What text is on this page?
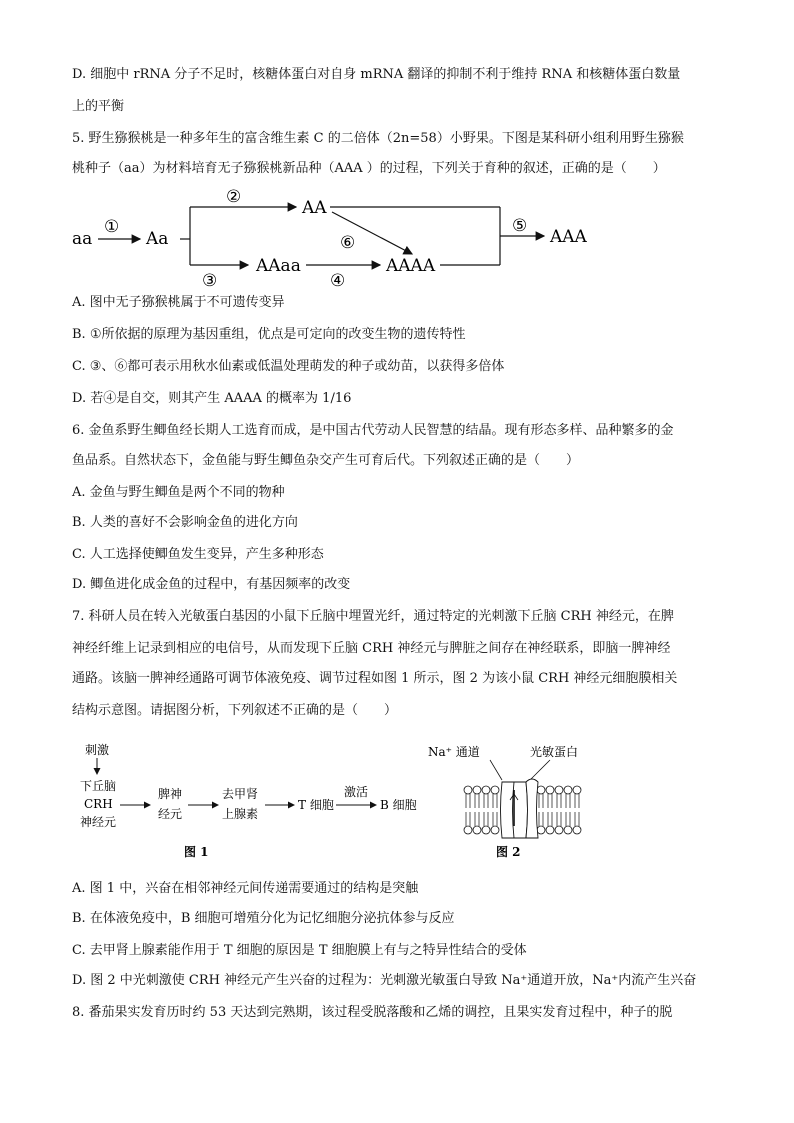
D. 细胞中 rRNA 分子不足时，核糖体蛋白对自身 mRNA 翻译的抑制不利于维持 RNA 和核糖体蛋白数量
上的平衡
5. 野生猕猴桃是一种多年生的富含维生素 C 的二倍体（2n=58）小野果。下图是某科研小组利用野生猕猴
桃种子（aa）为材料培育无子猕猴桃新品种（AAA ）的过程，下列关于育种的叙述，正确的是（　　）
aa
①
Aa
②
AA
③
AAaa
④
AAAA
⑥
⑤
AAA
A. 图中无子猕猴桃属于不可遗传变异
B. ①所依据的原理为基因重组，优点是可定向的改变生物的遗传特性
C. ③、⑥都可表示用秋水仙素或低温处理萌发的种子或幼苗，以获得多倍体
D. 若④是自交，则其产生 AAAA 的概率为 1/16
6. 金鱼系野生鲫鱼经长期人工选育而成，是中国古代劳动人民智慧的结晶。现有形态多样、品种繁多的金
鱼品系。自然状态下，金鱼能与野生鲫鱼杂交产生可育后代。下列叙述正确的是（　　）
A. 金鱼与野生鲫鱼是两个不同的物种
B. 人类的喜好不会影响金鱼的进化方向
C. 人工选择使鲫鱼发生变异，产生多种形态
D. 鲫鱼进化成金鱼的过程中，有基因频率的改变
7. 科研人员在转入光敏蛋白基因的小鼠下丘脑中埋置光纤，通过特定的光刺激下丘脑 CRH 神经元，在脾
神经纤维上记录到相应的电信号，从而发现下丘脑 CRH 神经元与脾脏之间存在神经联系，即脑一脾神经
通路。该脑一脾神经通路可调节体液免疫、调节过程如图 1 所示，图 2 为该小鼠 CRH 神经元细胞膜相关
结构示意图。请据图分析，下列叙述不正确的是（　　）
刺激
下丘脑
CRH
神经元
脾神
经元
去甲肾
上腺素
T 细胞
激活
B 细胞
图 1
Na⁺ 通道	光敏蛋白
图 2
A. 图 1 中，兴奋在相邻神经元间传递需要通过的结构是突触
B. 在体液免疫中，B 细胞可增殖分化为记忆细胞分泌抗体参与反应
C. 去甲肾上腺素能作用于 T 细胞的原因是 T 细胞膜上有与之特异性结合的受体
D. 图 2 中光刺激使 CRH 神经元产生兴奋的过程为：光刺激光敏蛋白导致 Na⁺通道开放，Na⁺内流产生兴奋
8. 番茄果实发育历时约 53 天达到完熟期，该过程受脱落酸和乙烯的调控，且果实发育过程中，种子的脱
